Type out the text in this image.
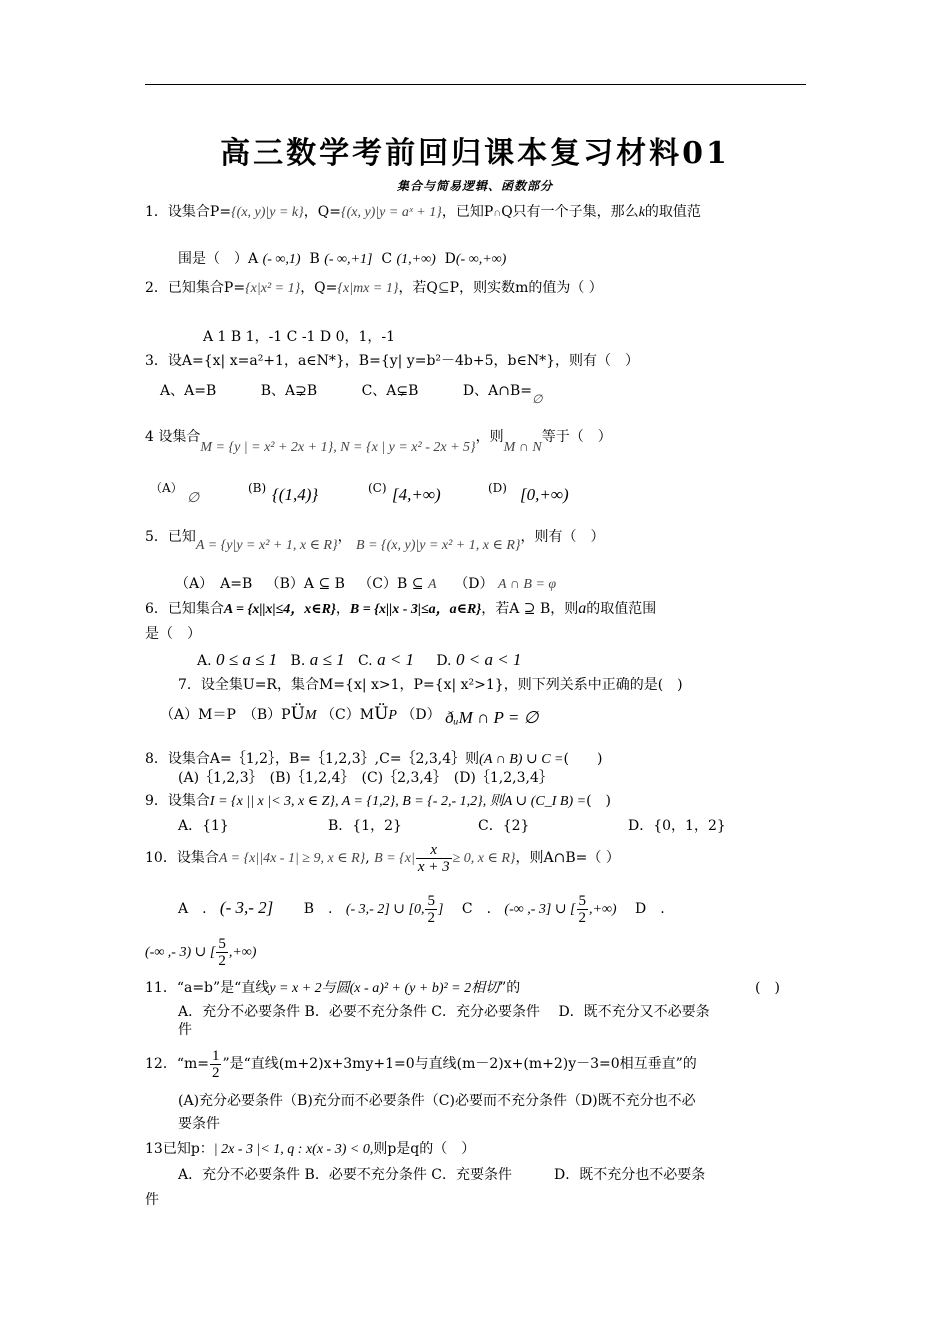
高三数学考前回归课本复习材料01
集合与简易逻辑、函数部分
1．设集合P={(x, y)|y = k}，Q={(x, y)|y = aˣ + 1}，已知P∩Q只有一个子集，那么k的取值范
围是（　）A (- ∞,1) B (- ∞,+1] C (1,+∞) D(- ∞,+∞)
2．已知集合P={x|x² = 1}，Q={x|mx = 1}，若Q⊆P，则实数m的值为（ ）
A 1 B 1，-1 C -1 D 0，1，-1
3．设A={x| x=a²+1，a∈N*}，B={y| y=b²－4b+5，b∈N*}，则有（　）
A、A=B	B、A⊋B	C、A⊊B	D、A∩B=∅
4 设集合M = {y | = x² + 2x + 1}, N = {x | y = x² - 2x + 5}，则M ∩ N等于（　）
（A）
∅
(B) {(1,4)}	(C) [4,+∞)	(D) [0,+∞)
5．已知A = {y|y = x² + 1, x ∈ R}， B = {(x, y)|y = x² + 1, x ∈ R}，则有（　）
（A）　A=B （B）A ⊆ B （C）B ⊆ A （D） A ∩ B = φ
6．已知集合A = {x||x|≤4，x∈R}，B = {x||x - 3|≤a，a∈R}，若A ⊇ B，则a的取值范围
是（　）
A. 0 ≤ a ≤ 1 B. a ≤ 1 C. a < 1 D. 0 < a < 1
7．设全集U=R，集合M={x| x>1，P={x| x²>1}，则下列关系中正确的是(　)
（A）M＝P　（B）PÜM （C）MÜP （D） ðᵤM ∩ P = ∅
8．设集合A=｛1,2｝，B=｛1,2,3｝,C=｛2,3,4｝则(A ∩ B) ∪ C =(　　)
(A)｛1,2,3｝　(B)｛1,2,4｝　(C)｛2,3,4｝　(D)｛1,2,3,4｝
9．设集合I = {x || x |< 3, x ∈ Z}, A = {1,2}, B = {- 2,- 1,2}, 则A ∪ (C_I B) =(　)
A．{1}	B．{1，2}	C．{2}	D．{0，1，2}
10．设集合A = {x||4x - 1| ≥ 9, x ∈ R}, $B = \{x| \frac{x}{x + 3} \ge 0$, x ∈ R}，则A∩B=（ ）
A　. (- 3,- 2] B　. (- 3,- 2] ∪ [0, $\frac{5}{2}$ ] C　. (-∞ ,- 3] ∪ [ $\frac{5}{2}$ ,+∞) D　.
(-∞ ,- 3) ∪ [ $\frac{5}{2}$ ,+∞)
11．“a=b”是“直线y = x + 2与圆(x - a)² + (y + b)² = 2相切”的	(　)
A．充分不必要条件 B．必要不充分条件 C．充分必要条件　 D．既不充分又不必要条
件
12．“$m= \frac{1}{2}$ ”是“直线(m+2)x+3my+1=0与直线(m－2)x+(m+2)y－3=0相互垂直”的
(A)充分必要条件（B)充分而不必要条件（C)必要而不充分条件（D)既不充分也不必
要条件
13已知p：| 2x - 3 |< 1, q : x(x - 3) < 0,则p是q的（　）
A．充分不必要条件 B．必要不充分条件 C．充要条件　　　D．既不充分也不必要条
件
